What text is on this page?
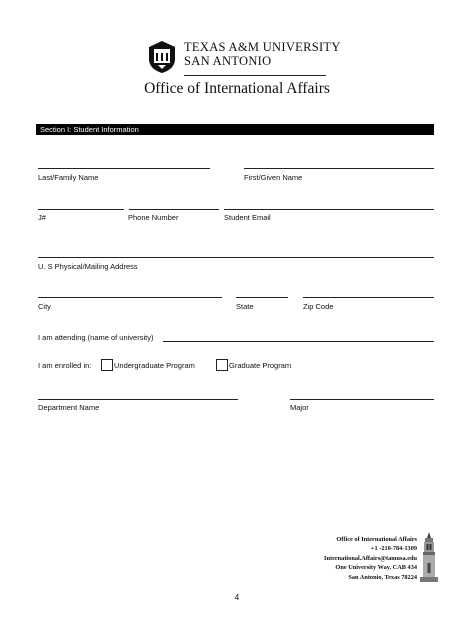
TEXAS A&M UNIVERSITY
SAN ANTONIO
Office of International Affairs
Section I: Student Information
Last/Family Name	First/Given Name
J#	Phone Number	Student Email
U. S Physical/Mailing Address
City	State	Zip Code
I am attending (name of university)
I am enrolled in:	Undergraduate Program	Graduate Program
Department Name	Major
Office of International Affairs
+1 -210-784-1309
International.Affairs@tamusa.edu
One University Way, CAB 434
San Antonio, Texas 78224
4
